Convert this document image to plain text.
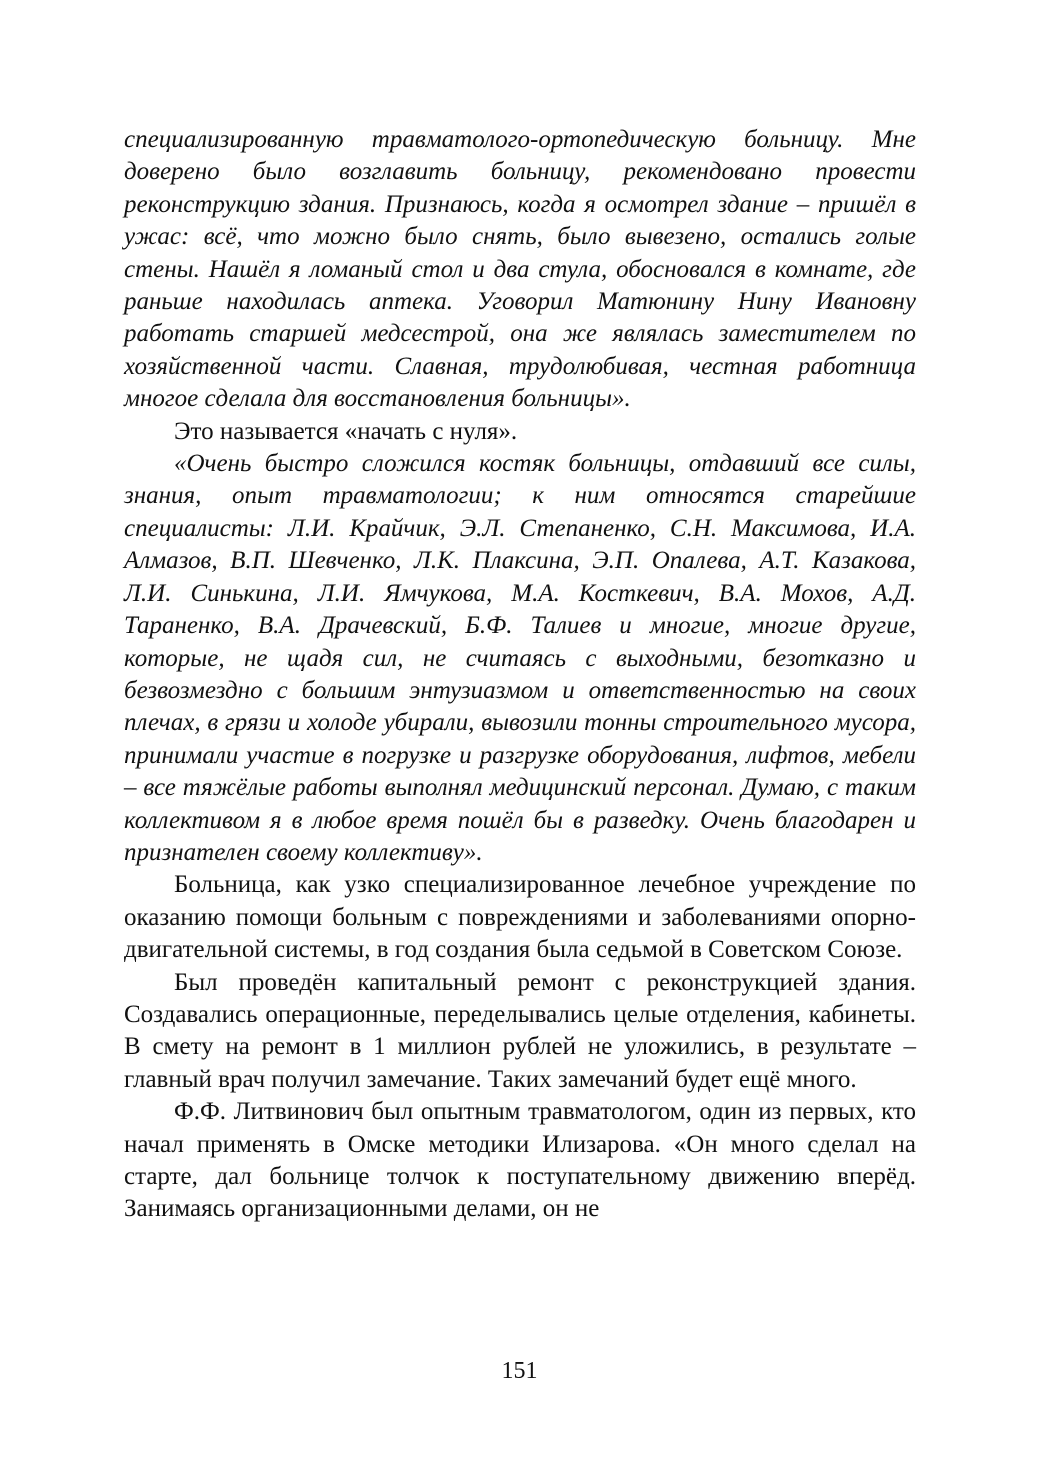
специализированную травматолого-ортопедическую больницу. Мне доверено было возглавить больницу, рекомендовано провести реконструкцию здания. Признаюсь, когда я осмотрел здание – пришёл в ужас: всё, что можно было снять, было вывезено, остались голые стены. Нашёл я ломаный стол и два стула, обосновался в комнате, где раньше находилась аптека. Уговорил Матюнину Нину Ивановну работать старшей медсестрой, она же являлась заместителем по хозяйственной части. Славная, трудолюбивая, честная работница многое сделала для восстановления больницы».

Это называется «начать с нуля».

«Очень быстро сложился костяк больницы, отдавший все силы, знания, опыт травматологии; к ним относятся старейшие специалисты: Л.И. Крайчик, Э.Л. Степаненко, С.Н. Максимова, И.А. Алмазов, В.П. Шевченко, Л.К. Плаксина, Э.П. Опалева, А.Т. Казакова, Л.И. Синькина, Л.И. Ямчукова, М.А. Косткевич, В.А. Мохов, А.Д. Тараненко, В.А. Драчевский, Б.Ф. Талиев и многие, многие другие, которые, не щадя сил, не считаясь с выходными, безотказно и безвозмездно с большим энтузиазмом и ответственностью на своих плечах, в грязи и холоде убирали, вывозили тонны строительного мусора, принимали участие в погрузке и разгрузке оборудования, лифтов, мебели – все тяжёлые работы выполнял медицинский персонал. Думаю, с таким коллективом я в любое время пошёл бы в разведку. Очень благодарен и признателен своему коллективу».

Больница, как узко специализированное лечебное учреждение по оказанию помощи больным с повреждениями и заболеваниями опорно-двигательной системы, в год создания была седьмой в Советском Союзе.

Был проведён капитальный ремонт с реконструкцией здания. Создавались операционные, переделывались целые отделения, кабинеты. В смету на ремонт в 1 миллион рублей не уложились, в результате – главный врач получил замечание. Таких замечаний будет ещё много.

Ф.Ф. Литвинович был опытным травматологом, один из первых, кто начал применять в Омске методики Илизарова. «Он много сделал на старте, дал больнице толчок к поступательному движению вперёд. Занимаясь организационными делами, он не

151
